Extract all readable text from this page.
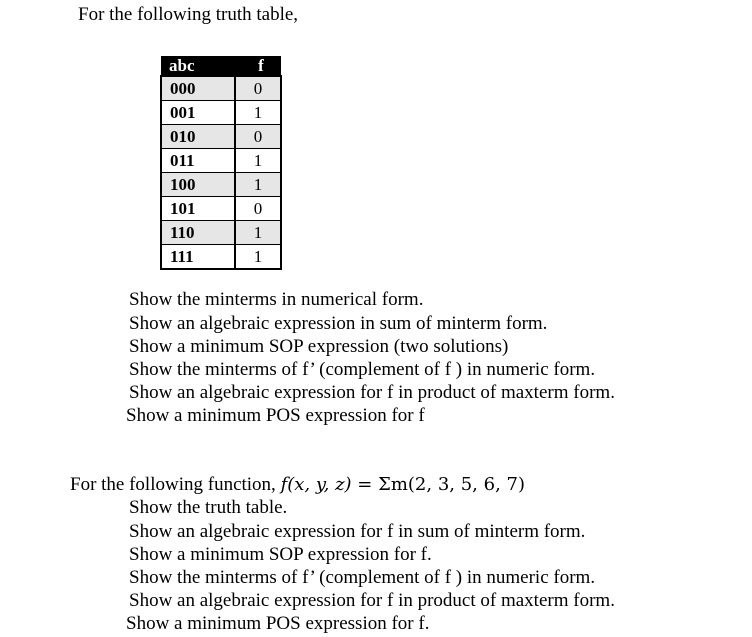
For the following truth table,
abc	f
000	0
001	1
010	0
011	1
100	1
101	0
110	1
111	1
Show the minterms in numerical form.
Show an algebraic expression in sum of minterm form.
Show a minimum SOP expression (two solutions)
Show the minterms of f’ (complement of f ) in numeric form.
Show an algebraic expression for f in product of maxterm form.
Show a minimum POS expression for f
For the following function, f(x, y, z) = Σm(2, 3, 5, 6, 7)
Show the truth table.
Show an algebraic expression for f in sum of minterm form.
Show a minimum SOP expression for f.
Show the minterms of f’ (complement of f ) in numeric form.
Show an algebraic expression for f in product of maxterm form.
Show a minimum POS expression for f.
